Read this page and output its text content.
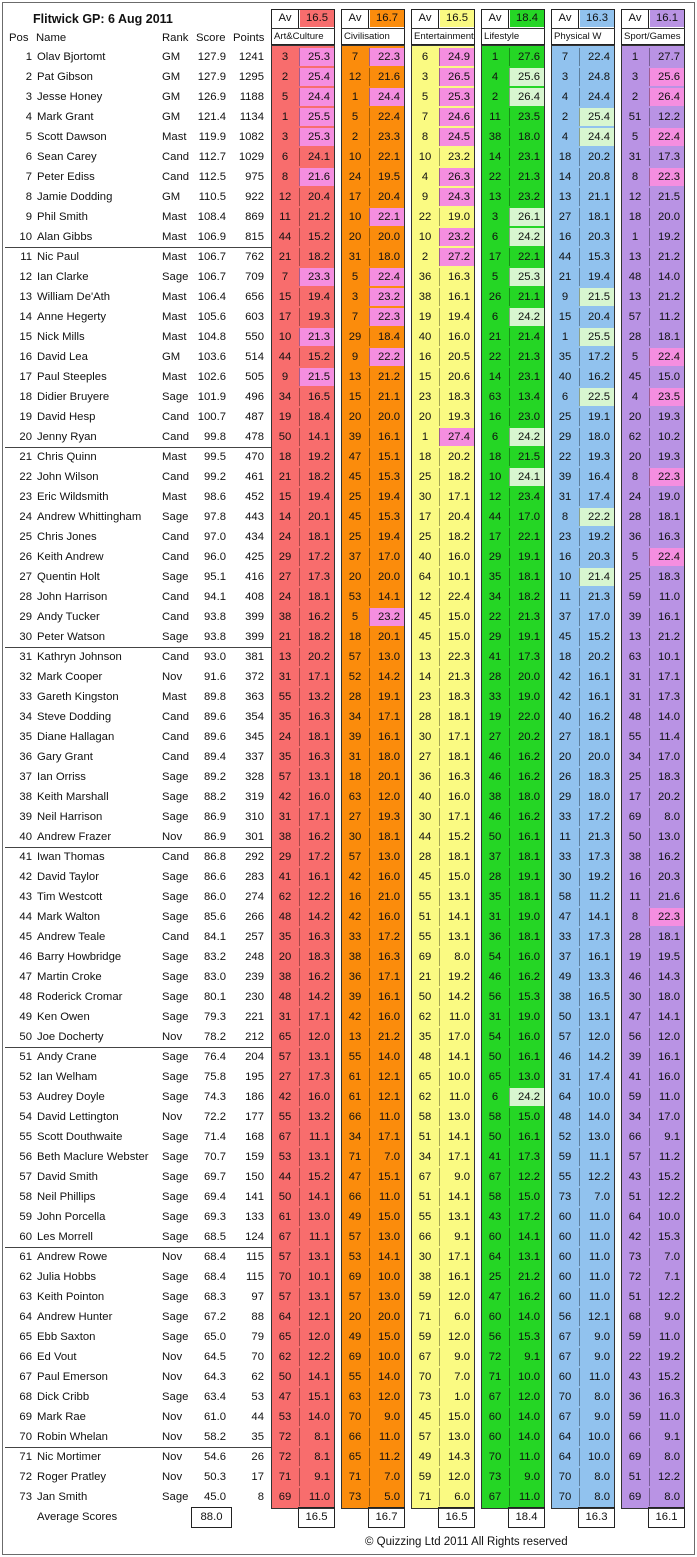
Flitwick GP: 6 Aug 2011
Pos Name	Rank Score Points
Av	16.5
Art&Culture
Av	16.7
Civilisation
Av	16.5
Entertainment
Av	18.4
Lifestyle
Av	16.3
Physical W
Av	16.1
Sport/Games
1 Olav Bjortomt	GM	127.9	1241	3	25.3	7	22.3	6	24.9	1	27.6	7	22.4	1	27.7
2 Pat Gibson	GM	127.9	1295	2	25.4	12	21.6	3	26.5	4	25.6	3	24.8	3	25.6
3 Jesse Honey	GM	126.9	1188	5	24.4	1	24.4	5	25.3	2	26.4	4	24.4	2	26.4
4 Mark Grant	GM	121.4	1134	1	25.5	5	22.4	7	24.6	11	23.5	2	25.4	51	12.2
5 Scott Dawson	Mast	119.9	1082	3	25.3	2	23.3	8	24.5	38	18.0	4	24.4	5	22.4
6 Sean Carey	Cand 112.7	1029	6	24.1	10	22.1	10	23.2	14	23.1	18	20.2	31	17.3
7 Peter Ediss	Cand 112.5	975	8	21.6	24	19.5	4	26.3	22	21.3	14	20.8	8	22.3
8 Jamie Dodding	GM	110.5	922	12	20.4	17	20.4	9	24.3	13	23.2	13	21.1	12	21.5
9 Phil Smith	Mast 108.4	869	11	21.2	10	22.1	22	19.0	3	26.1	27	18.1	18	20.0
10 Alan Gibbs	Mast 106.9	815	44	15.2	20	20.0	10	23.2	6	24.2	16	20.3	1	19.2
11 Nic Paul	Mast 106.7	762	21	18.2	31	18.0	2	27.2	17	22.1	44	15.3	13	21.2
12 Ian Clarke	Sage 106.7	709	7	23.3	5	22.4	36	16.3	5	25.3	21	19.4	48	14.0
13 William De'Ath	Mast 106.4	656	15	19.4	3	23.2	38	16.1	26	21.1	9	21.5	13	21.2
14 Anne Hegerty	Mast 105.6	603	17	19.3	7	22.3	19	19.4	6	24.2	15	20.4	57	11.2
15 Nick Mills	Mast 104.8	550	10	21.3	29	18.4	40	16.0	21	21.4	1	25.5	28	18.1
16 David Lea	GM	103.6	514	44	15.2	9	22.2	16	20.5	22	21.3	35	17.2	5	22.4
17 Paul Steeples	Mast 102.6	505	9	21.5	13	21.2	15	20.6	14	23.1	40	16.2	45	15.0
18 Didier Bruyere	Sage 101.9	496	34	16.5	15	21.1	23	18.3	63	13.4	6	22.5	4	23.5
19 David Hesp	Cand 100.7	487	19	18.4	20	20.0	20	19.3	16	23.0	25	19.1	20	19.3
20 Jenny Ryan	Cand	99.8	478	50	14.1	39	16.1	1	27.4	6	24.2	29	18.0	62	10.2
21 Chris Quinn	Mast	99.5	470	18	19.2	47	15.1	18	20.2	18	21.5	22	19.3	20	19.3
22 John Wilson	Cand	99.2	461	21	18.2	45	15.3	25	18.2	10	24.1	39	16.4	8	22.3
23 Eric Wildsmith	Mast	98.6	452	15	19.4	25	19.4	30	17.1	12	23.4	31	17.4	24	19.0
24 Andrew Whittingham Sage	97.8	443	14	20.1	45	15.3	17	20.4	44	17.0	8	22.2	28	18.1
25 Chris Jones	Cand	97.0	434	24	18.1	25	19.4	25	18.2	17	22.1	23	19.2	36	16.3
26 Keith Andrew	Cand	96.0	425	29	17.2	37	17.0	40	16.0	29	19.1	16	20.3	5	22.4
27 Quentin Holt	Sage	95.1	416	27	17.3	20	20.0	64	10.1	35	18.1	10	21.4	25	18.3
28 John Harrison	Cand	94.1	408	24	18.1	53	14.1	12	22.4	34	18.2	11	21.3	59	11.0
29 Andy Tucker	Cand	93.8	399	38	16.2	5	23.2	45	15.0	22	21.3	37	17.0	39	16.1
30 Peter Watson	Sage	93.8	399	21	18.2	18	20.1	45	15.0	29	19.1	45	15.2	13	21.2
31 Kathryn Johnson	Cand	93.0	381	13	20.2	57	13.0	13	22.3	41	17.3	18	20.2	63	10.1
32 Mark Cooper	Nov	91.6	372	31	17.1	52	14.2	14	21.3	28	20.0	42	16.1	31	17.1
33 Gareth Kingston	Mast	89.8	363	55	13.2	28	19.1	23	18.3	33	19.0	42	16.1	31	17.3
34 Steve Dodding	Cand	89.6	354	35	16.3	34	17.1	28	18.1	19	22.0	40	16.2	48	14.0
35 Diane Hallagan	Cand	89.6	345	24	18.1	39	16.1	30	17.1	27	20.2	27	18.1	55	11.4
36 Gary Grant	Cand	89.4	337	35	16.3	31	18.0	27	18.1	46	16.2	20	20.0	34	17.0
37 Ian Orriss	Sage	89.2	328	57	13.1	18	20.1	36	16.3	46	16.2	26	18.3	25	18.3
38 Keith Marshall	Sage	88.2	319	42	16.0	63	12.0	40	16.0	38	18.0	29	18.0	17	20.2
39 Neil Harrison	Sage	86.9	310	31	17.1	27	19.3	30	17.1	46	16.2	33	17.2	69	8.0
40 Andrew Frazer	Nov	86.9	301	38	16.2	30	18.1	44	15.2	50	16.1	11	21.3	50	13.0
41 Iwan Thomas	Cand	86.8	292	29	17.2	57	13.0	28	18.1	37	18.1	33	17.3	38	16.2
42 David Taylor	Sage	86.6	283	41	16.1	42	16.0	45	15.0	28	19.1	30	19.2	16	20.3
43 Tim Westcott	Sage	86.0	274	62	12.2	16	21.0	55	13.1	35	18.1	58	11.2	11	21.6
44 Mark Walton	Sage	85.6	266	48	14.2	42	16.0	51	14.1	31	19.0	47	14.1	8	22.3
45 Andrew Teale	Cand	84.1	257	35	16.3	33	17.2	55	13.1	36	18.1	33	17.3	28	18.1
46 Barry Howbridge	Sage	83.2	248	20	18.3	38	16.3	69	8.0	54	16.0	37	16.1	19	19.5
47 Martin Croke	Sage	83.0	239	38	16.2	36	17.1	21	19.2	46	16.2	49	13.3	46	14.3
48 Roderick Cromar	Sage	80.1	230	48	14.2	39	16.1	50	14.2	56	15.3	38	16.5	30	18.0
49 Ken Owen	Sage	79.3	221	31	17.1	42	16.0	62	11.0	31	19.0	50	13.1	47	14.1
50 Joe Docherty	Nov	78.2	212	65	12.0	13	21.2	35	17.0	54	16.0	57	12.0	56	12.0
51 Andy Crane	Sage	76.4	204	57	13.1	55	14.0	48	14.1	50	16.1	46	14.2	39	16.1
52 Ian Welham	Sage	75.8	195	27	17.3	61	12.1	65	10.0	65	13.0	31	17.4	41	16.0
53 Audrey Doyle	Sage	74.3	186	42	16.0	61	12.1	62	11.0	6	24.2	64	10.0	59	11.0
54 David Lettington	Nov	72.2	177	55	13.2	66	11.0	58	13.0	58	15.0	48	14.0	34	17.0
55 Scott Douthwaite	Sage	71.4	168	67	11.1	34	17.1	51	14.1	50	16.1	52	13.0	66	9.1
56 Beth Maclure Webster Sage	70.7	159	53	13.1	71	7.0	34	17.1	41	17.3	59	11.1	57	11.2
57 David Smith	Sage	69.7	150	44	15.2	47	15.1	67	9.0	67	12.2	55	12.2	43	15.2
58 Neil Phillips	Sage	69.4	141	50	14.1	66	11.0	51	14.1	58	15.0	73	7.0	51	12.2
59 John Porcella	Sage	69.3	133	61	13.0	49	15.0	55	13.1	43	17.2	60	11.0	64	10.0
60 Les Morrell	Sage	68.5	124	67	11.1	57	13.0	66	9.1	60	14.1	60	11.0	42	15.3
61 Andrew Rowe	Nov	68.4	115	57	13.1	53	14.1	30	17.1	64	13.1	60	11.0	73	7.0
62 Julia Hobbs	Sage	68.4	115	70	10.1	69	10.0	38	16.1	25	21.2	60	11.0	72	7.1
63 Keith Pointon	Sage	68.3	97	57	13.1	57	13.0	59	12.0	47	16.2	60	11.0	51	12.2
64 Andrew Hunter	Sage	67.2	88	64	12.1	20	20.0	71	6.0	60	14.0	56	12.1	68	9.0
65 Ebb Saxton	Sage	65.0	79	65	12.0	49	15.0	59	12.0	56	15.3	67	9.0	59	11.0
66 Ed Vout	Nov	64.5	70	62	12.2	69	10.0	67	9.0	72	9.1	67	9.0	22	19.2
67 Paul Emerson	Nov	64.3	62	50	14.1	55	14.0	70	7.0	71	10.0	60	11.0	43	15.2
68 Dick Cribb	Sage	63.4	53	47	15.1	63	12.0	73	1.0	67	12.0	70	8.0	36	16.3
69 Mark Rae	Nov	61.0	44	53	14.0	70	9.0	45	15.0	60	14.0	67	9.0	59	11.0
70 Robin Whelan	Nov	58.2	35	72	8.1	66	11.0	57	13.0	60	14.0	64	10.0	66	9.1
71 Nic Mortimer	Nov	54.6	26	72	8.1	65	11.2	49	14.3	70	11.0	64	10.0	69	8.0
72 Roger Pratley	Nov	50.3	17	71	9.1	71	7.0	59	12.0	73	9.0	70	8.0	51	12.2
73 Jan Smith	Sage	45.0	8	69	11.0	73	5.0	71	6.0	67	11.0	70	8.0	69	8.0
Average Scores	88.0	16.5	16.7	16.5	18.4	16.3	16.1
© Quizzing Ltd 2011 All Rights reserved
